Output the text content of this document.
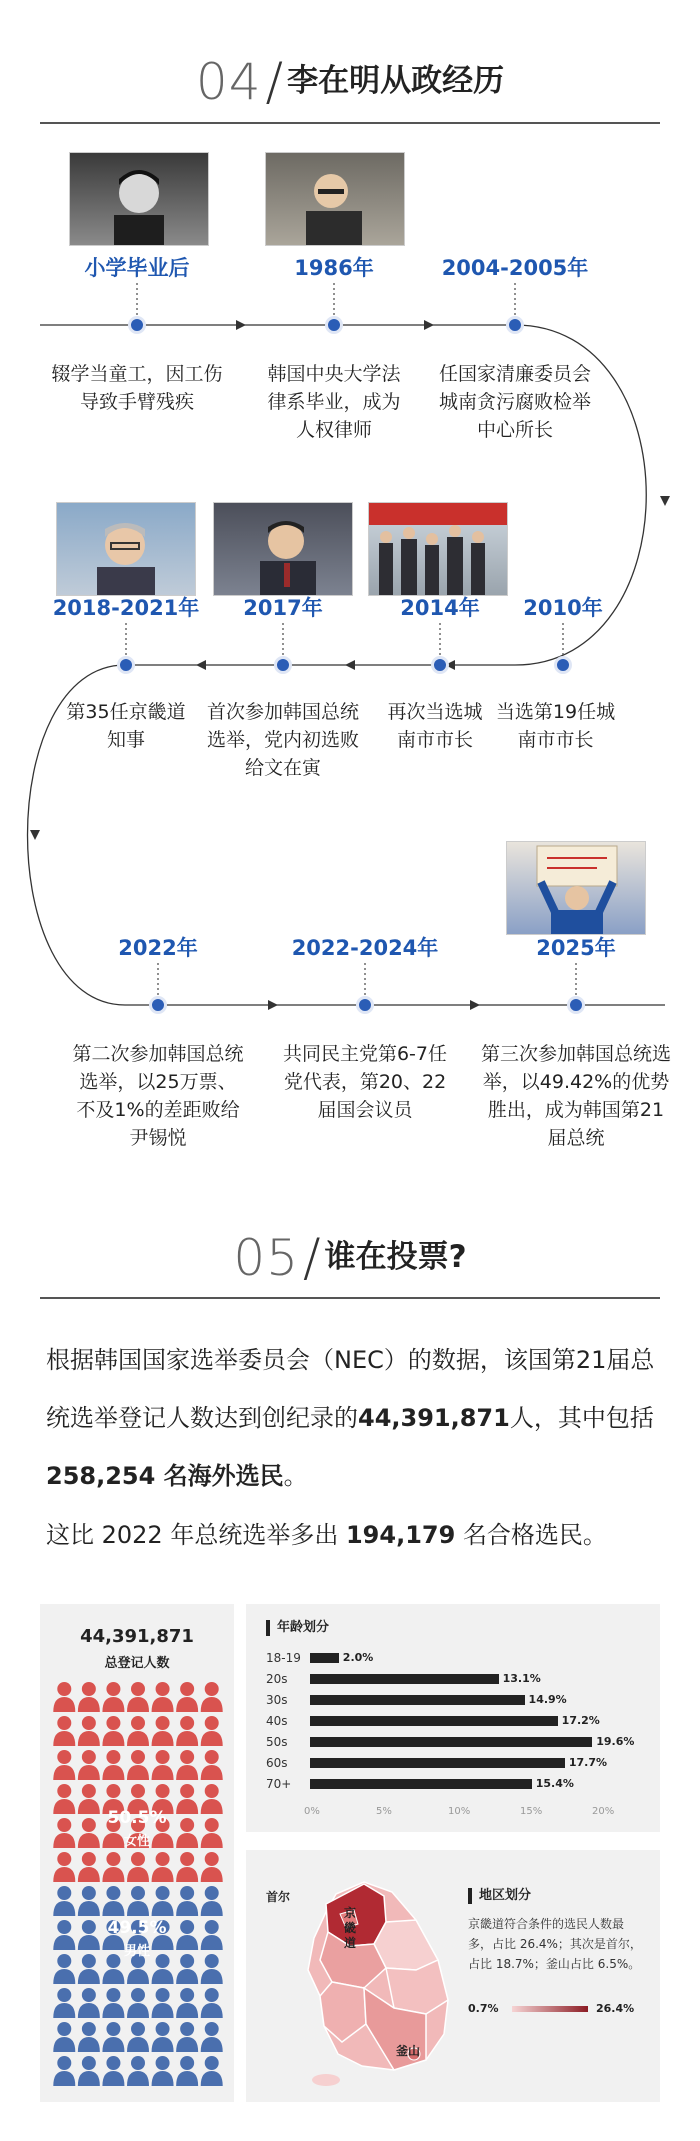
04/ 李在明从政经历
小学毕业后	1986年	2004-2005年
辍学当童工，因工伤导致手臂残疾
韩国中央大学法律系毕业，成为人权律师
任国家清廉委员会城南贪污腐败检举中心所长
2010年
2014年
2017年
2018-2021年
当选第19任城南市市长
再次当选城南市市长
首次参加韩国总统选举，党内初选败给文在寅
第35任京畿道知事
2022年	2022-2024年	2025年
第二次参加韩国总统选举，以25万票、不及1%的差距败给尹锡悦
共同民主党第6-7任党代表，第20、22届国会议员
第三次参加韩国总统选举，以49.42%的优势胜出，成为韩国第21届总统
05/ 谁在投票?
根据韩国国家选举委员会（NEC）的数据，该国第21届总统选举登记人数达到创纪录的44,391,871人，其中包括258,254 名海外选民。
这比 2022 年总统选举多出 194,179 名合格选民。
44,391,871
总登记人数
50.5%
女性
49.5%
男性
年龄划分
18-19	2.0%
20s	13.1%
30s	14.9%
40s	17.2%
50s	19.6%
60s	17.7%
70+	15.4%
0%	5%	10%	15%	20%
首尔
京畿道
釜山
地区划分
京畿道符合条件的选民人数最多，占比 26.4%；其次是首尔，占比 18.7%；釜山占比 6.5%。
0.7%	26.4%
